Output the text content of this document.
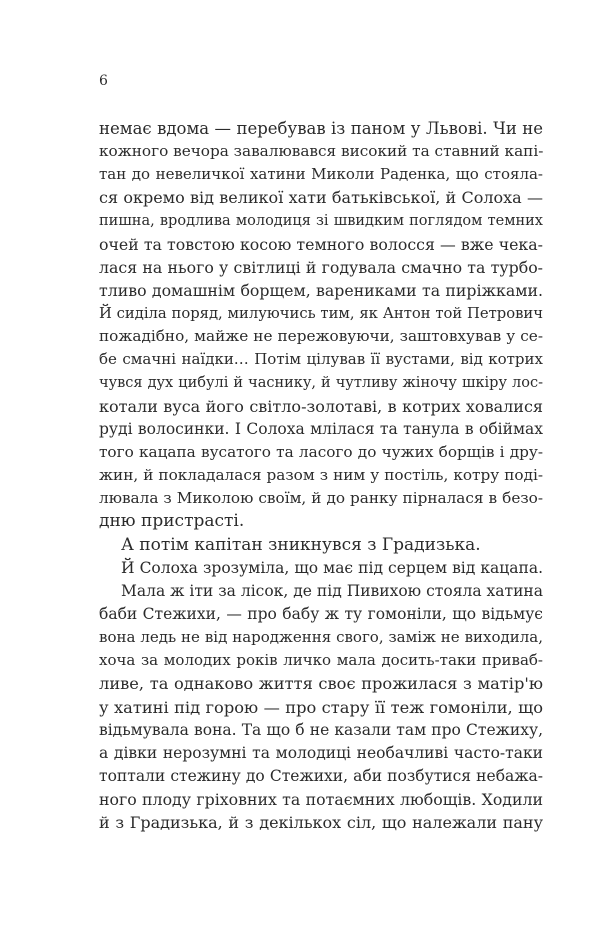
6
немає вдома — перебував із паном у Львові. Чи не
кожного вечора завалювався високий та ставний капі-
тан до невеличкої хатини Миколи Раденка, що стояла-
ся окремо від великої хати батьківської, й Солоха —
пишна, вродлива молодиця зі швидким поглядом темних
очей та товстою косою темного волосся — вже чека-
лася на нього у світлиці й годувала смачно та турбо-
тливо домашнім борщем, варениками та пиріжками.
Й сиділа поряд, милуючись тим, як Антон той Петрович
пожадібно, майже не пережовуючи, заштовхував у се-
бе смачні наїдки… Потім цілував її вустами, від котрих
чувся дух цибулі й часнику, й чутливу жіночу шкіру лос-
котали вуса його світло-золотаві, в котрих ховалися
руді волосинки. І Солоха млілася та танула в обіймах
того кацапа вусатого та ласого до чужих борщів і дру-
жин, й покладалася разом з ним у постіль, котру поді-
лювала з Миколою своїм, й до ранку пірналася в безо-
дню пристрасті.
А потім капітан зникнувся з Градизька.
Й Солоха зрозуміла, що має під серцем від кацапа.
Мала ж іти за лісок, де під Пивихою стояла хатина
баби Стежихи, — про бабу ж ту гомоніли, що відьмує
вона ледь не від народження свого, заміж не виходила,
хоча за молодих років личко мала досить-таки приваб-
ливе, та однаково життя своє прожилася з матір'ю
у хатині під горою — про стару її теж гомоніли, що
відьмувала вона. Та що б не казали там про Стежиху,
а дівки нерозумні та молодиці необачливі часто-таки
топтали стежину до Стежихи, аби позбутися небажа-
ного плоду гріховних та потаємних любощів. Ходили
й з Градизька, й з декількох сіл, що належали пану
